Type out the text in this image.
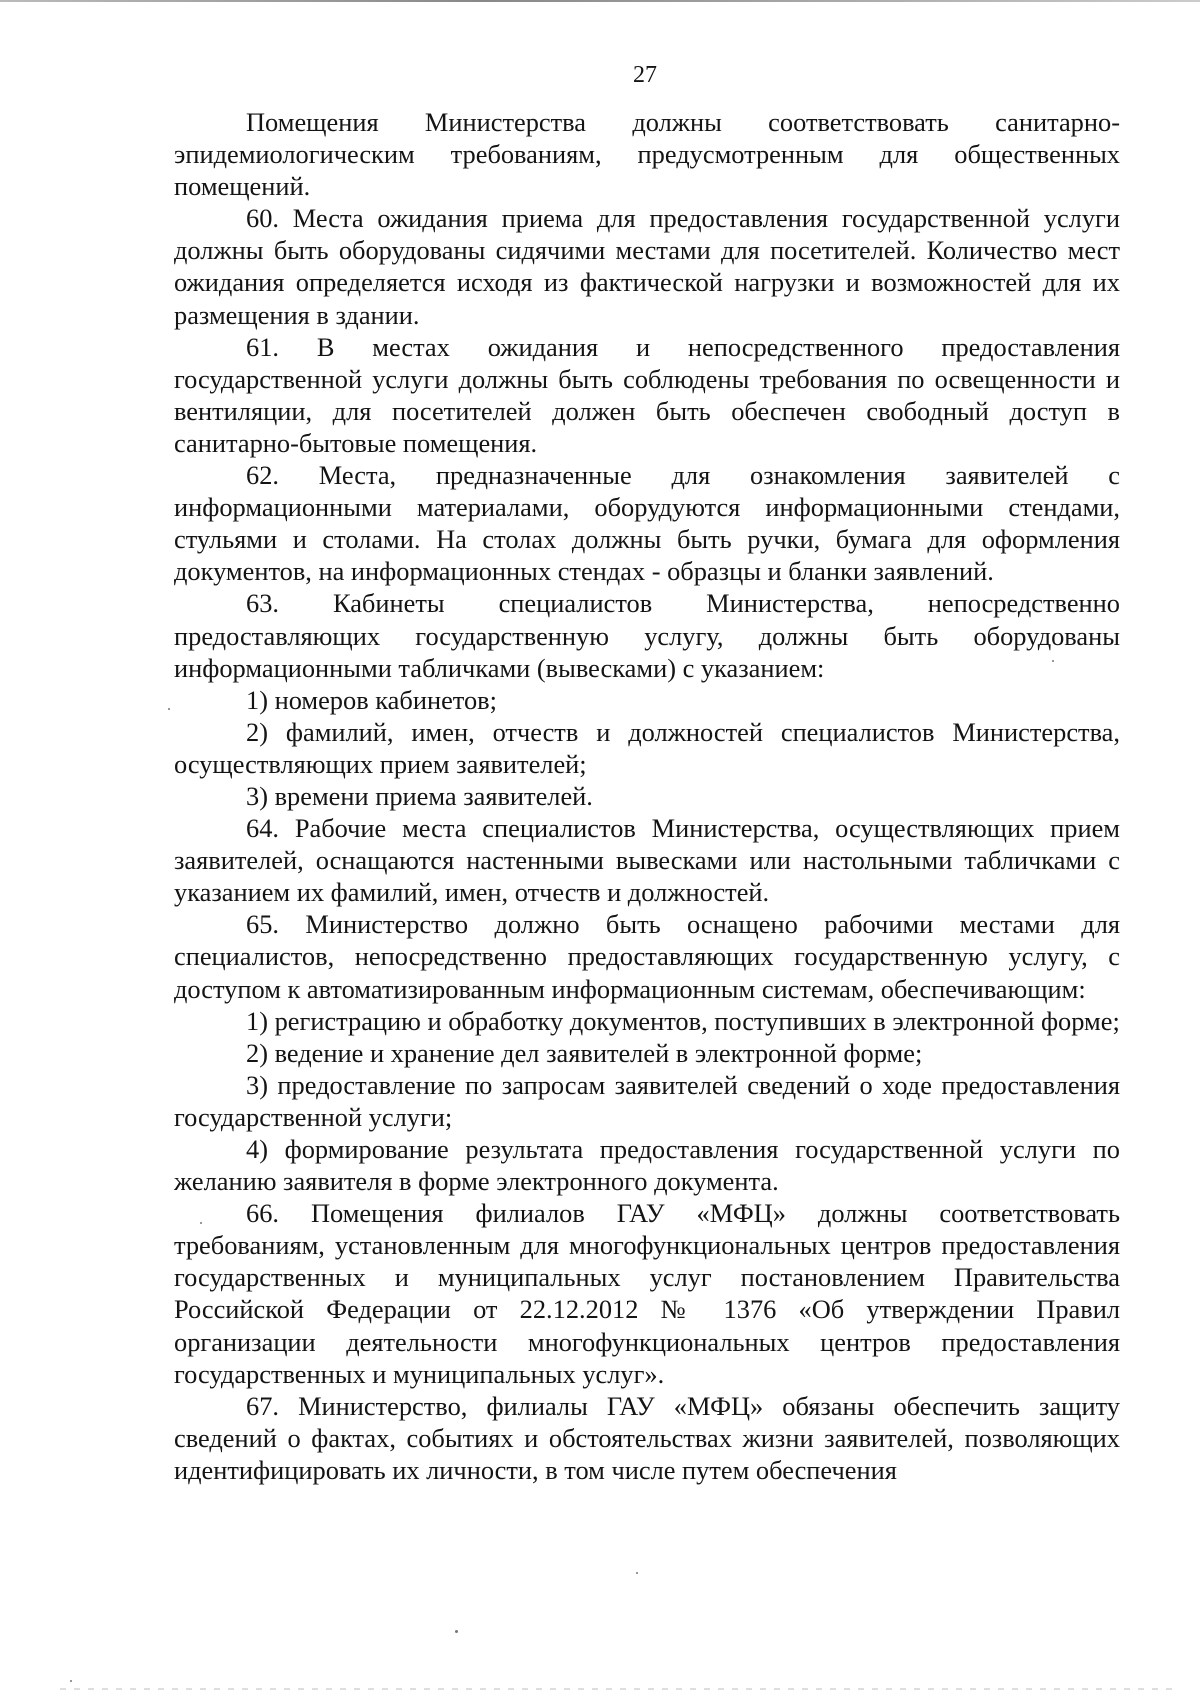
27

Помещения Министерства должны соответствовать санитарно-эпидемиологическим требованиям, предусмотренным для общественных помещений.

60. Места ожидания приема для предоставления государственной услуги должны быть оборудованы сидячими местами для посетителей. Количество мест ожидания определяется исходя из фактической нагрузки и возможностей для их размещения в здании.

61. В местах ожидания и непосредственного предоставления государственной услуги должны быть соблюдены требования по освещенности и вентиляции, для посетителей должен быть обеспечен свободный доступ в санитарно-бытовые помещения.

62. Места, предназначенные для ознакомления заявителей с информационными материалами, оборудуются информационными стендами, стульями и столами. На столах должны быть ручки, бумага для оформления документов, на информационных стендах - образцы и бланки заявлений.

63. Кабинеты специалистов Министерства, непосредственно предоставляющих государственную услугу, должны быть оборудованы информационными табличками (вывесками) с указанием:

1) номеров кабинетов;

2) фамилий, имен, отчеств и должностей специалистов Министерства, осуществляющих прием заявителей;

3) времени приема заявителей.

64. Рабочие места специалистов Министерства, осуществляющих прием заявителей, оснащаются настенными вывесками или настольными табличками с указанием их фамилий, имен, отчеств и должностей.

65. Министерство должно быть оснащено рабочими местами для специалистов, непосредственно предоставляющих государственную услугу, с доступом к автоматизированным информационным системам, обеспечивающим:

1) регистрацию и обработку документов, поступивших в электронной форме;

2) ведение и хранение дел заявителей в электронной форме;

3) предоставление по запросам заявителей сведений о ходе предоставления государственной услуги;

4) формирование результата предоставления государственной услуги по желанию заявителя в форме электронного документа.

66. Помещения филиалов ГАУ «МФЦ» должны соответствовать требованиям, установленным для многофункциональных центров предоставления государственных и муниципальных услуг постановлением Правительства Российской Федерации от 22.12.2012 № 1376 «Об утверждении Правил организации деятельности многофункциональных центров предоставления государственных и муниципальных услуг».

67. Министерство, филиалы ГАУ «МФЦ» обязаны обеспечить защиту сведений о фактах, событиях и обстоятельствах жизни заявителей, позволяющих идентифицировать их личности, в том числе путем обеспечения
